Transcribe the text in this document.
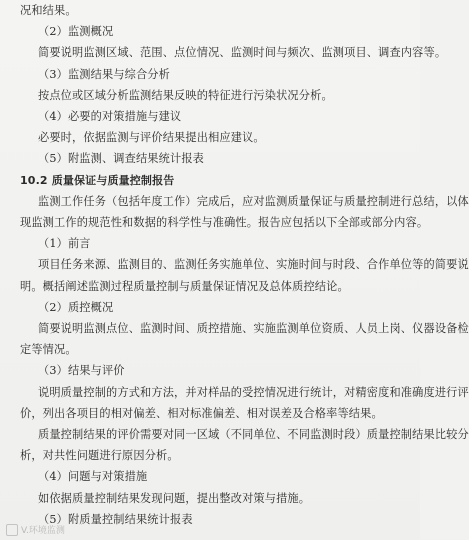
况和结果。
（2）监测概况
简要说明监测区域、范围、点位情况、监测时间与频次、监测项目、调查内容等。
（3）监测结果与综合分析
按点位或区域分析监测结果反映的特征进行污染状况分析。
（4）必要的对策措施与建议
必要时，依据监测与评价结果提出相应建议。
（5）附监测、调查结果统计报表
10.2 质量保证与质量控制报告
监测工作任务（包括年度工作）完成后，应对监测质量保证与质量控制进行总结，以体
现监测工作的规范性和数据的科学性与准确性。报告应包括以下全部或部分内容。
（1）前言
项目任务来源、监测目的、监测任务实施单位、实施时间与时段、合作单位等的简要说
明。概括阐述监测过程质量控制与质量保证情况及总体质控结论。
（2）质控概况
简要说明监测点位、监测时间、质控措施、实施监测单位资质、人员上岗、仪器设备检
定等情况。
（3）结果与评价
说明质量控制的方式和方法，并对样品的受控情况进行统计，对精密度和准确度进行评
价，列出各项目的相对偏差、相对标准偏差、相对误差及合格率等结果。
质量控制结果的评价需要对同一区域（不同单位、不同监测时段）质量控制结果比较分
析，对共性问题进行原因分析。
（4）问题与对策措施
如依据质量控制结果发现问题，提出整改对策与措施。
（5）附质量控制结果统计报表
V.环境监测
